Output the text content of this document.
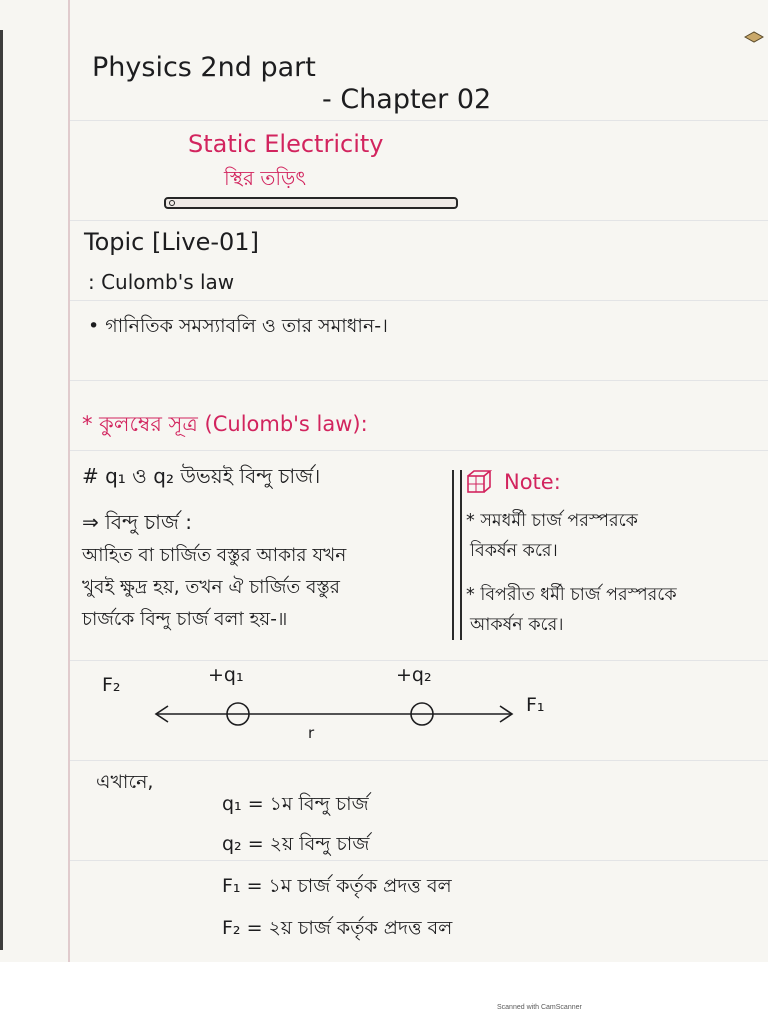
Physics 2nd part
- Chapter 02
Static Electricity
স্থির তড়িৎ
Topic [Live-01]
: Culomb's law
• গানিতিক সমস্যাবলি ও তার সমাধান-।
* কুলম্বের সূত্র (Culomb's law):
# q₁ ও q₂ উভয়ই বিন্দু চার্জ।
⇒ বিন্দু চার্জ :
আহিত বা চার্জিত বস্তুর আকার যখন
খুবই ক্ষুদ্র হয়, তখন ঐ চার্জিত বস্তুর
চার্জকে বিন্দু চার্জ বলা হয়-॥
Note:
* সমধর্মী চার্জ পরস্পরকে
বিকর্ষন করে।
* বিপরীত ধর্মী চার্জ পরস্পরকে
আকর্ষন করে।
F₂
F₁
+q₁	+q₂
r
এখানে,
q₁ = ১ম বিন্দু চার্জ
q₂ = ২য় বিন্দু চার্জ
F₁ = ১ম চার্জ কর্তৃক প্রদত্ত বল
F₂ = ২য় চার্জ কর্তৃক প্রদত্ত বল
Scanned with CamScanner
